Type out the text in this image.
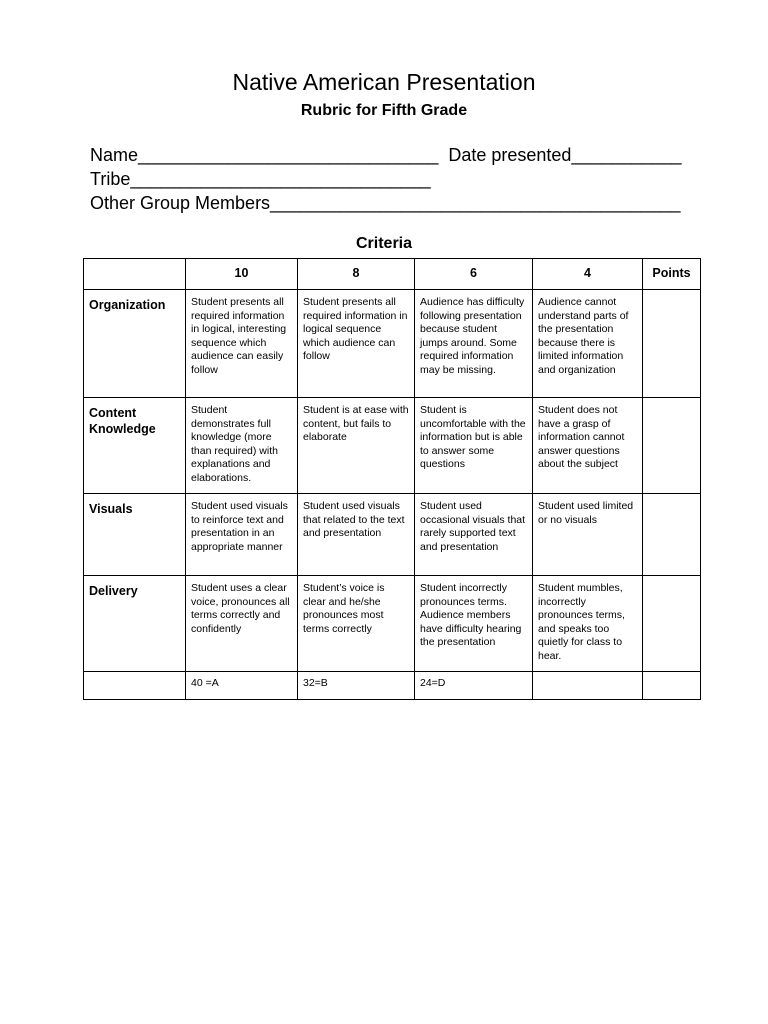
Native American Presentation
Rubric for Fifth Grade
Name______________________________  Date presented___________
Tribe______________________________
Other Group Members_________________________________________
Criteria
	10	8	6	4	Points
Organization	Student presents all required information in logical, interesting sequence which audience can easily follow	Student presents all required information in logical sequence which audience can follow	Audience has difficulty following presentation because student jumps around. Some required information may be missing.	Audience cannot understand parts of the presentation because there is limited information and organization	
Content Knowledge	Student demonstrates full knowledge (more than required) with explanations and elaborations.	Student is at ease with content, but fails to elaborate	Student is uncomfortable with the information but is able to answer some questions	Student does not have a grasp of information cannot answer questions about the subject	
Visuals	Student used visuals to reinforce text and presentation in an appropriate manner	Student used visuals that related to the text and presentation	Student used occasional visuals that rarely supported text and presentation	Student used limited or no visuals	
Delivery	Student uses a clear voice, pronounces all terms correctly and confidently	Student’s voice is clear and he/she pronounces most terms correctly	Student incorrectly pronounces terms. Audience members have difficulty hearing the presentation	Student mumbles, incorrectly pronounces terms, and speaks too quietly for class to hear.	
	40 =A	32=B	24=D		
